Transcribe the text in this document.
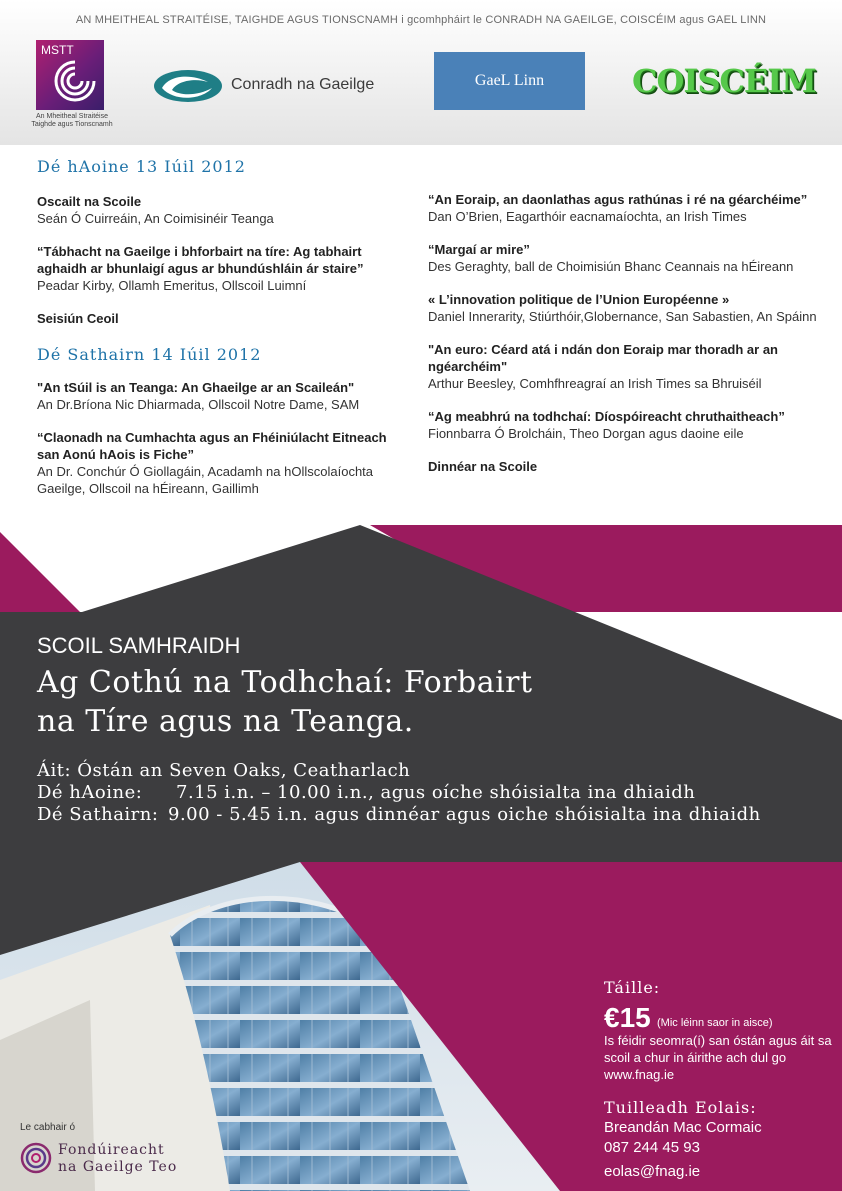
AN MHEITHEAL STRAITÉISE, TAIGHDE AGUS TIONSCNAMH i gcomhpháirt le CONRADH NA GAEILGE, COISCÉIM agus GAEL LINN
MSTT
An Mheitheal Straitéise
Taighde agus Tionscnamh
Conradh na Gaeilge	GaeL Linn	COISCÉIM
Dé hAoine 13 Iúil 2012
Oscailt na Scoile
Seán Ó Cuirreáin, An Coimisinéir Teanga
“Tábhacht na Gaeilge i bhforbairt na tíre: Ag tabhairt aghaidh ar bhunlaigí agus ar bhundúshláin ár staire”
Peadar Kirby, Ollamh Emeritus, Ollscoil Luimní
Seisiún Ceoil
Dé Sathairn 14 Iúil 2012
"An tSúil is an Teanga: An Ghaeilge ar an Scaileán"
An Dr.Bríona Nic Dhiarmada, Ollscoil Notre Dame, SAM
“Claonadh na Cumhachta agus an Fhéiniúlacht Eitneach san Aonú hAois is Fiche”
An Dr. Conchúr Ó Giollagáin, Acadamh na hOllscolaíochta Gaeilge, Ollscoil na hÉireann, Gaillimh
“An Eoraip, an daonlathas agus rathúnas i ré na géarchéime”
Dan O’Brien, Eagarthóir eacnamaíochta, an Irish Times
“Margaí ar mire”
Des Geraghty, ball de Choimisiún Bhanc Ceannais na hÉireann
« L’innovation politique de l’Union Européenne »
Daniel Innerarity, Stiúrthóir,Globernance, San Sabastien, An Spáinn
"An euro: Céard atá i ndán don Eoraip mar thoradh ar an ngéarchéim"
Arthur Beesley, Comhfhreagraí an Irish Times sa Bhruiséil
“Ag meabhrú na todhchaí: Díospóireacht chruthaitheach”
Fionnbarra Ó Brolcháin, Theo Dorgan agus daoine eile
Dinnéar na Scoile
SCOIL SAMHRAIDH
Ag Cothú na Todhchaí: Forbairt
na Tíre agus na Teanga.
Áit: Óstán an Seven Oaks, Ceatharlach
Dé hAoine: 7.15 i.n. – 10.00 i.n., agus oíche shóisialta ina dhiaidh
Dé Sathairn: 9.00 - 5.45 i.n. agus dinnéar agus oiche shóisialta ina dhiaidh
Táille:
€15 (Mic léinn saor in aisce)
Is féidir seomra(í) san óstán agus áit sa scoil a chur in áirithe ach dul go www.fnag.ie
Tuilleadh Eolais:
Breandán Mac Cormaic
087 244 45 93
eolas@fnag.ie
Le cabhair ó
Fondúireacht
na Gaeilge Teo
